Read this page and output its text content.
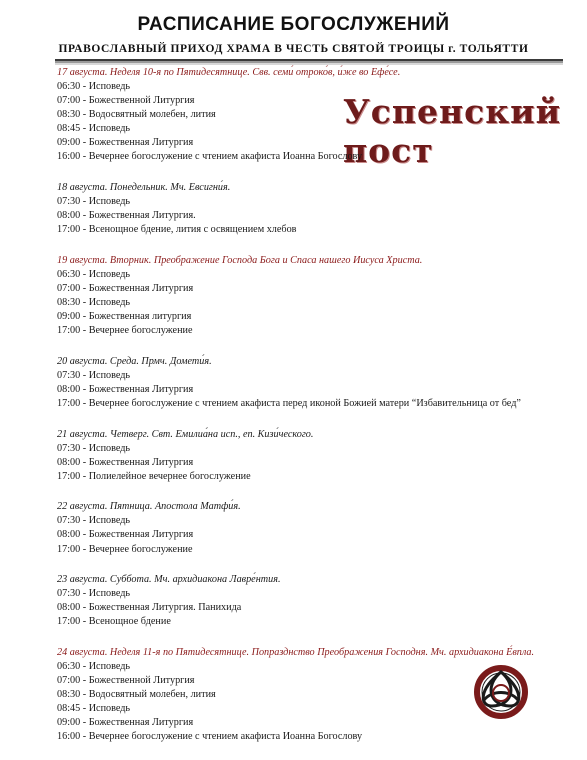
РАСПИСАНИЕ БОГОСЛУЖЕНИЙ
ПРАВОСЛАВНЫЙ ПРИХОД ХРАМА В ЧЕСТЬ СВЯТОЙ ТРОИЦЫ г. ТОЛЬЯТТИ
Успенский пост
17 августа. Неделя 10-я по Пятидесятнице. Свв. семи́ отроко́в, и́же во Ефе́се.
06:30 - Исповедь
07:00 - Божественной Литургия
08:30 - Водосвятный молебен, лития
08:45 - Исповедь
09:00 - Божественная Литургия
16:00 - Вечернее богослужение с чтением акафиста Иоанна Богослову
18 августа. Понедельник. Мч. Евсигни́я.
07:30 - Исповедь
08:00 - Божественная Литургия.
17:00 - Всенощное бдение, лития с освящением хлебов
19 августа. Вторник. Преображение Господа Бога и Спаса нашего Иисуса Христа.
06:30 - Исповедь
07:00 - Божественная Литургия
08:30 - Исповедь
09:00 - Божественная литургия
17:00 - Вечернее богослужение
20 августа. Среда. Прмч. Домети́я.
07:30 - Исповедь
08:00 - Божественная Литургия
17:00 - Вечернее богослужение с чтением акафиста перед иконой Божией матери “Избавительница от бед”
21 августа. Четверг. Свт. Емилиа́на исп., еп. Кизи́ческого.
07:30 - Исповедь
08:00 - Божественная Литургия
17:00 - Полиелейное вечернее богослужение
22 августа. Пятница. Апостола Матфи́я.
07:30 - Исповедь
08:00 - Божественная Литургия
17:00 - Вечернее богослужение
23 августа. Суббота. Мч. архидиакона Лавре́нтия.
07:30 - Исповедь
08:00 - Божественная Литургия. Панихида
17:00 - Всенощное бдение
24 августа. Неделя 11-я по Пятидесятнице. Попразднство Преображения Господня. Мч. архидиакона Е́впла.
06:30 - Исповедь
07:00 - Божественной Литургия
08:30 - Водосвятный молебен, лития
08:45 - Исповедь
09:00 - Божественная Литургия
16:00 - Вечернее богослужение с чтением акафиста Иоанна Богослову
